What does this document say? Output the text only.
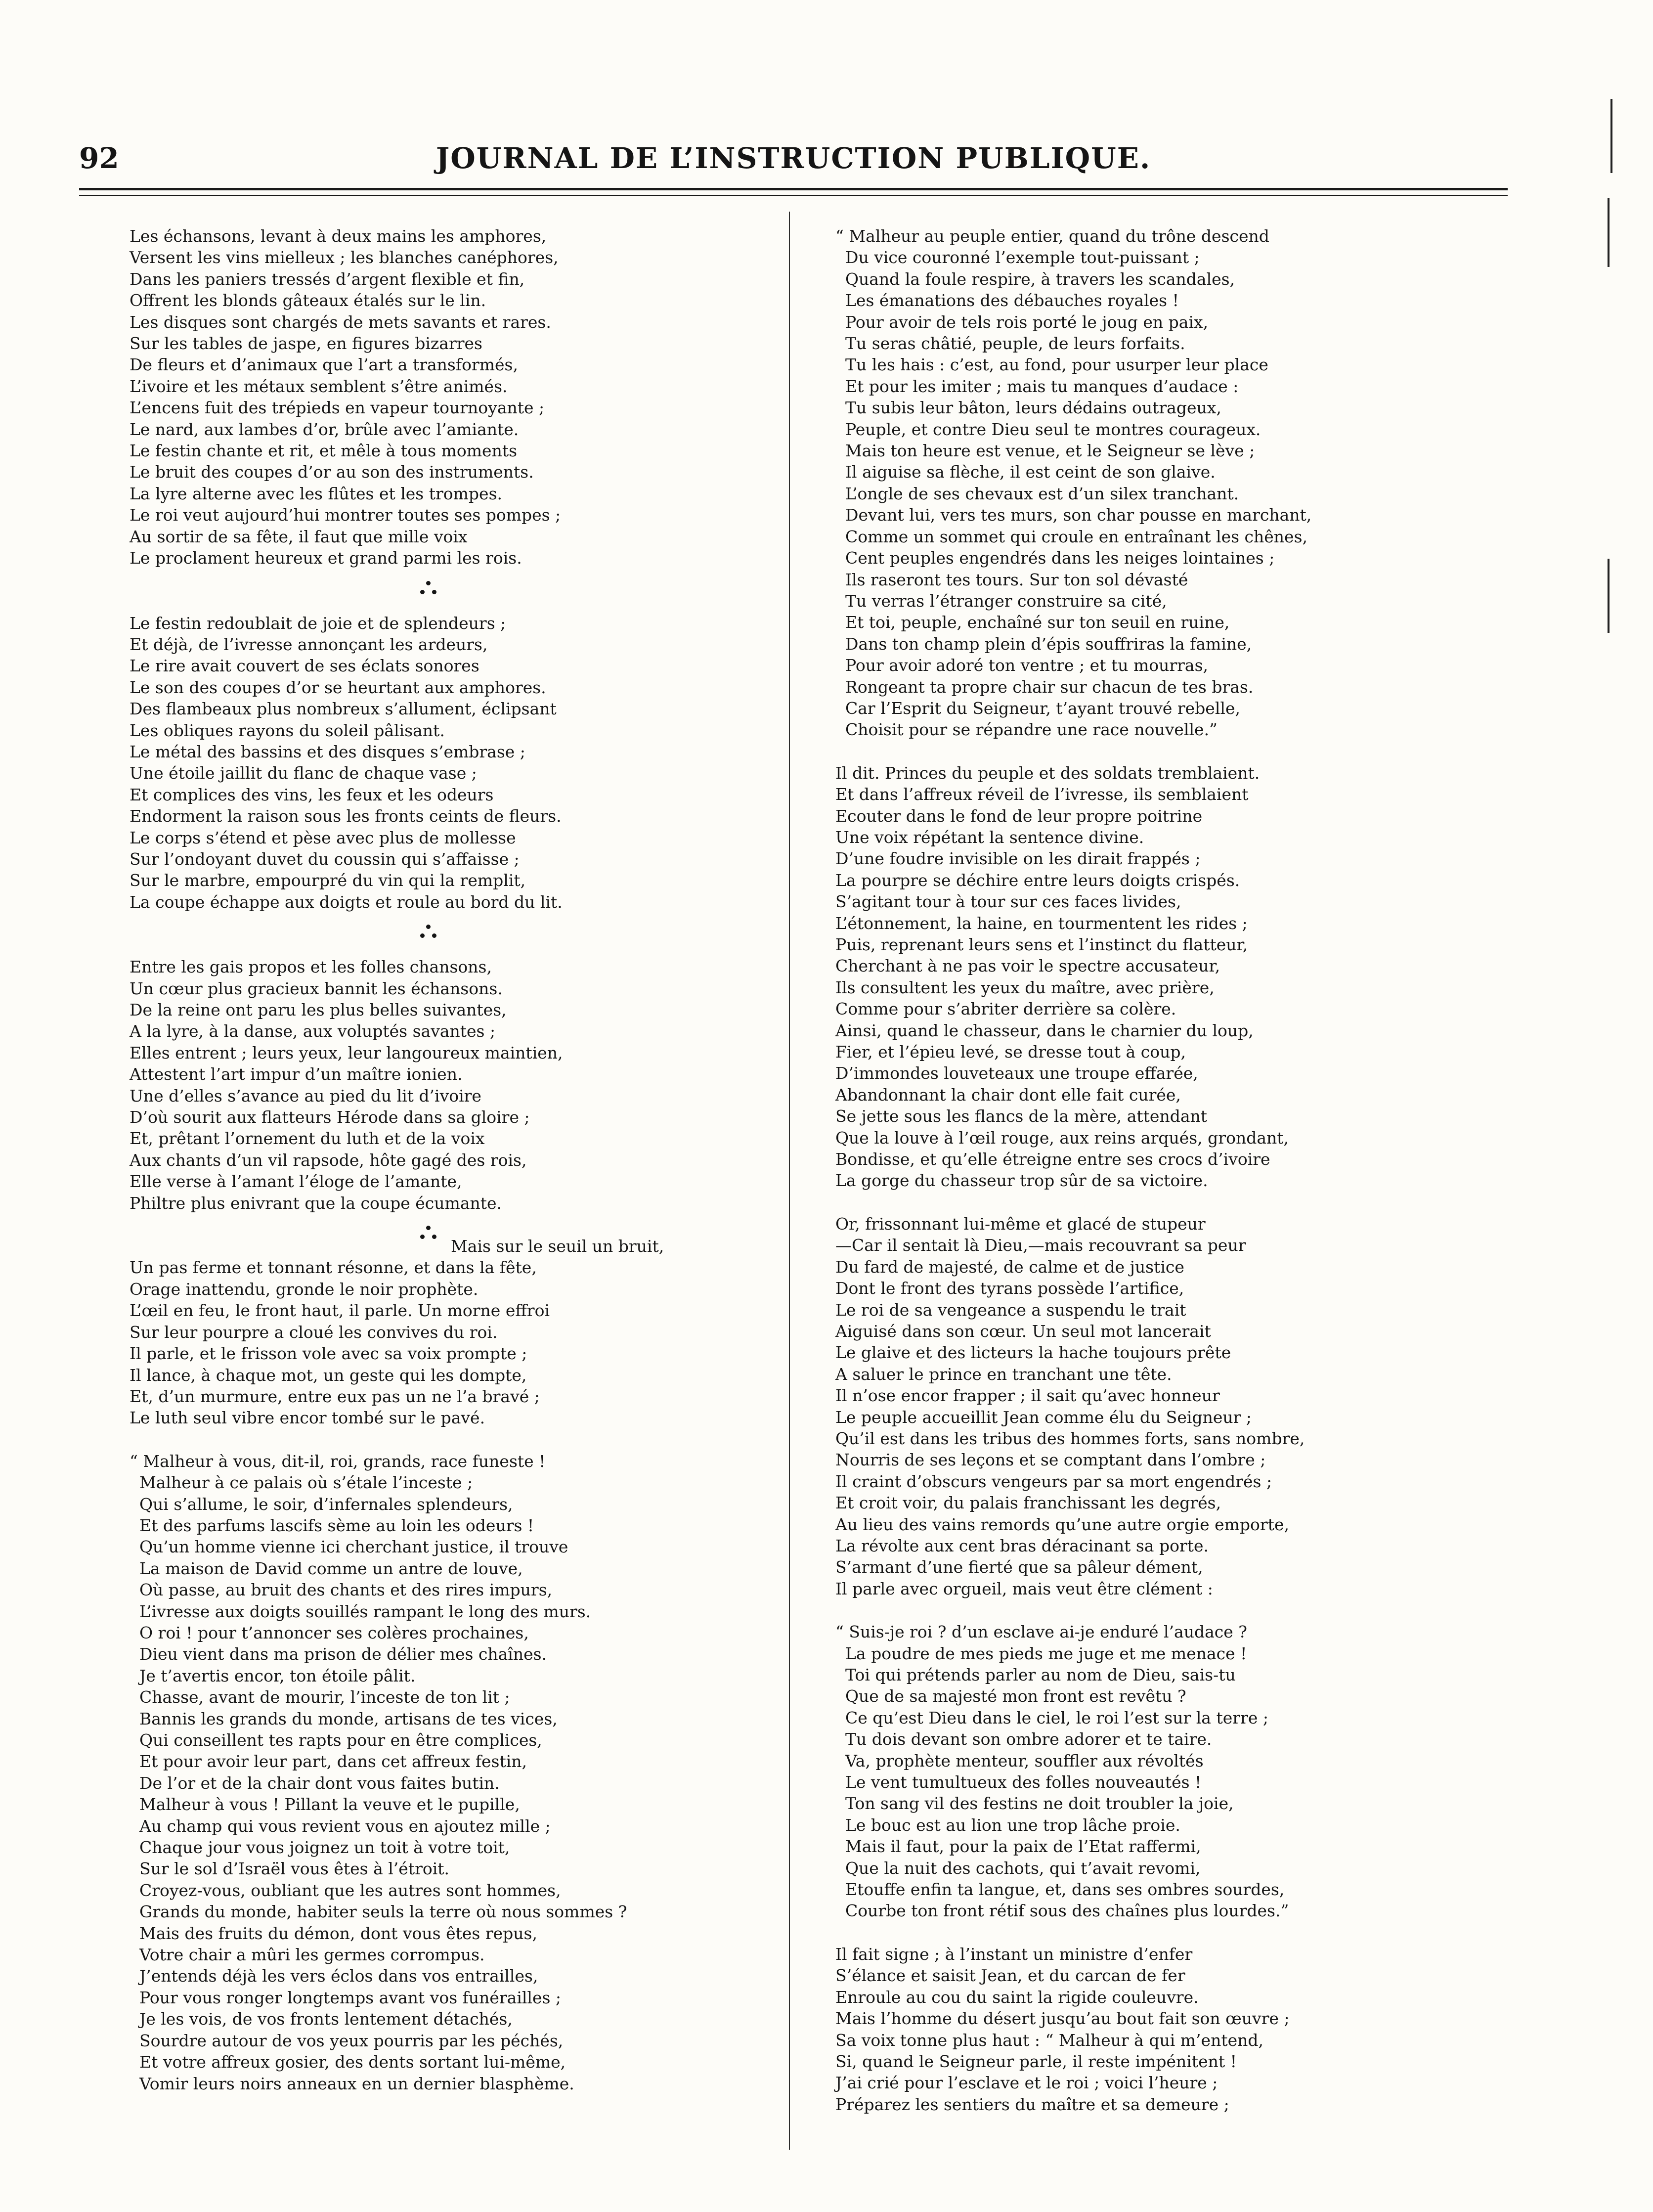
92	JOURNAL DE L’INSTRUCTION PUBLIQUE.
Les échansons, levant à deux mains les amphores,
Versent les vins mielleux ; les blanches canéphores,
Dans les paniers tressés d’argent flexible et fin,
Offrent les blonds gâteaux étalés sur le lin.
Les disques sont chargés de mets savants et rares.
Sur les tables de jaspe, en figures bizarres
De fleurs et d’animaux que l’art a transformés,
L’ivoire et les métaux semblent s’être animés.
L’encens fuit des trépieds en vapeur tournoyante ;
Le nard, aux lambes d’or, brûle avec l’amiante.
Le festin chante et rit, et mêle à tous moments
Le bruit des coupes d’or au son des instruments.
La lyre alterne avec les flûtes et les trompes.
Le roi veut aujourd’hui montrer toutes ses pompes ;
Au sortir de sa fête, il faut que mille voix
Le proclament heureux et grand parmi les rois.
Le festin redoublait de joie et de splendeurs ;
Et déjà, de l’ivresse annonçant les ardeurs,
Le rire avait couvert de ses éclats sonores
Le son des coupes d’or se heurtant aux amphores.
Des flambeaux plus nombreux s’allument, éclipsant
Les obliques rayons du soleil pâlisant.
Le métal des bassins et des disques s’embrase ;
Une étoile jaillit du flanc de chaque vase ;
Et complices des vins, les feux et les odeurs
Endorment la raison sous les fronts ceints de fleurs.
Le corps s’étend et pèse avec plus de mollesse
Sur l’ondoyant duvet du coussin qui s’affaisse ;
Sur le marbre, empourpré du vin qui la remplit,
La coupe échappe aux doigts et roule au bord du lit.
Entre les gais propos et les folles chansons,
Un cœur plus gracieux bannit les échansons.
De la reine ont paru les plus belles suivantes,
A la lyre, à la danse, aux voluptés savantes ;
Elles entrent ; leurs yeux, leur langoureux maintien,
Attestent l’art impur d’un maître ionien.
Une d’elles s’avance au pied du lit d’ivoire
D’où sourit aux flatteurs Hérode dans sa gloire ;
Et, prêtant l’ornement du luth et de la voix
Aux chants d’un vil rapsode, hôte gagé des rois,
Elle verse à l’amant l’éloge de l’amante,
Philtre plus enivrant que la coupe écumante.
Mais sur le seuil un bruit,
Un pas ferme et tonnant résonne, et dans la fête,
Orage inattendu, gronde le noir prophète.
L’œil en feu, le front haut, il parle. Un morne effroi
Sur leur pourpre a cloué les convives du roi.
Il parle, et le frisson vole avec sa voix prompte ;
Il lance, à chaque mot, un geste qui les dompte,
Et, d’un murmure, entre eux pas un ne l’a bravé ;
Le luth seul vibre encor tombé sur le pavé.
“ Malheur à vous, dit-il, roi, grands, race funeste !
Malheur à ce palais où s’étale l’inceste ;
Qui s’allume, le soir, d’infernales splendeurs,
Et des parfums lascifs sème au loin les odeurs !
Qu’un homme vienne ici cherchant justice, il trouve
La maison de David comme un antre de louve,
Où passe, au bruit des chants et des rires impurs,
L’ivresse aux doigts souillés rampant le long des murs.
O roi ! pour t’annoncer ses colères prochaines,
Dieu vient dans ma prison de délier mes chaînes.
Je t’avertis encor, ton étoile pâlit.
Chasse, avant de mourir, l’inceste de ton lit ;
Bannis les grands du monde, artisans de tes vices,
Qui conseillent tes rapts pour en être complices,
Et pour avoir leur part, dans cet affreux festin,
De l’or et de la chair dont vous faites butin.
Malheur à vous ! Pillant la veuve et le pupille,
Au champ qui vous revient vous en ajoutez mille ;
Chaque jour vous joignez un toit à votre toit,
Sur le sol d’Israël vous êtes à l’étroit.
Croyez-vous, oubliant que les autres sont hommes,
Grands du monde, habiter seuls la terre où nous sommes ?
Mais des fruits du démon, dont vous êtes repus,
Votre chair a mûri les germes corrompus.
J’entends déjà les vers éclos dans vos entrailles,
Pour vous ronger longtemps avant vos funérailles ;
Je les vois, de vos fronts lentement détachés,
Sourdre autour de vos yeux pourris par les péchés,
Et votre affreux gosier, des dents sortant lui-même,
Vomir leurs noirs anneaux en un dernier blasphème.
“ Malheur au peuple entier, quand du trône descend
Du vice couronné l’exemple tout-puissant ;
Quand la foule respire, à travers les scandales,
Les émanations des débauches royales !
Pour avoir de tels rois porté le joug en paix,
Tu seras châtié, peuple, de leurs forfaits.
Tu les hais : c’est, au fond, pour usurper leur place
Et pour les imiter ; mais tu manques d’audace :
Tu subis leur bâton, leurs dédains outrageux,
Peuple, et contre Dieu seul te montres courageux.
Mais ton heure est venue, et le Seigneur se lève ;
Il aiguise sa flèche, il est ceint de son glaive.
L’ongle de ses chevaux est d’un silex tranchant.
Devant lui, vers tes murs, son char pousse en marchant,
Comme un sommet qui croule en entraînant les chênes,
Cent peuples engendrés dans les neiges lointaines ;
Ils raseront tes tours. Sur ton sol dévasté
Tu verras l’étranger construire sa cité,
Et toi, peuple, enchaîné sur ton seuil en ruine,
Dans ton champ plein d’épis souffriras la famine,
Pour avoir adoré ton ventre ; et tu mourras,
Rongeant ta propre chair sur chacun de tes bras.
Car l’Esprit du Seigneur, t’ayant trouvé rebelle,
Choisit pour se répandre une race nouvelle.”
Il dit. Princes du peuple et des soldats tremblaient.
Et dans l’affreux réveil de l’ivresse, ils semblaient
Ecouter dans le fond de leur propre poitrine
Une voix répétant la sentence divine.
D’une foudre invisible on les dirait frappés ;
La pourpre se déchire entre leurs doigts crispés.
S’agitant tour à tour sur ces faces livides,
L’étonnement, la haine, en tourmentent les rides ;
Puis, reprenant leurs sens et l’instinct du flatteur,
Cherchant à ne pas voir le spectre accusateur,
Ils consultent les yeux du maître, avec prière,
Comme pour s’abriter derrière sa colère.
Ainsi, quand le chasseur, dans le charnier du loup,
Fier, et l’épieu levé, se dresse tout à coup,
D’immondes louveteaux une troupe effarée,
Abandonnant la chair dont elle fait curée,
Se jette sous les flancs de la mère, attendant
Que la louve à l’œil rouge, aux reins arqués, grondant,
Bondisse, et qu’elle étreigne entre ses crocs d’ivoire
La gorge du chasseur trop sûr de sa victoire.
Or, frissonnant lui-même et glacé de stupeur
—Car il sentait là Dieu,—mais recouvrant sa peur
Du fard de majesté, de calme et de justice
Dont le front des tyrans possède l’artifice,
Le roi de sa vengeance a suspendu le trait
Aiguisé dans son cœur. Un seul mot lancerait
Le glaive et des licteurs la hache toujours prête
A saluer le prince en tranchant une tête.
Il n’ose encor frapper ; il sait qu’avec honneur
Le peuple accueillit Jean comme élu du Seigneur ;
Qu’il est dans les tribus des hommes forts, sans nombre,
Nourris de ses leçons et se comptant dans l’ombre ;
Il craint d’obscurs vengeurs par sa mort engendrés ;
Et croit voir, du palais franchissant les degrés,
Au lieu des vains remords qu’une autre orgie emporte,
La révolte aux cent bras déracinant sa porte.
S’armant d’une fierté que sa pâleur dément,
Il parle avec orgueil, mais veut être clément :
“ Suis-je roi ? d’un esclave ai-je enduré l’audace ?
La poudre de mes pieds me juge et me menace !
Toi qui prétends parler au nom de Dieu, sais-tu
Que de sa majesté mon front est revêtu ?
Ce qu’est Dieu dans le ciel, le roi l’est sur la terre ;
Tu dois devant son ombre adorer et te taire.
Va, prophète menteur, souffler aux révoltés
Le vent tumultueux des folles nouveautés !
Ton sang vil des festins ne doit troubler la joie,
Le bouc est au lion une trop lâche proie.
Mais il faut, pour la paix de l’Etat raffermi,
Que la nuit des cachots, qui t’avait revomi,
Etouffe enfin ta langue, et, dans ses ombres sourdes,
Courbe ton front rétif sous des chaînes plus lourdes.”
Il fait signe ; à l’instant un ministre d’enfer
S’élance et saisit Jean, et du carcan de fer
Enroule au cou du saint la rigide couleuvre.
Mais l’homme du désert jusqu’au bout fait son œuvre ;
Sa voix tonne plus haut : “ Malheur à qui m’entend,
Si, quand le Seigneur parle, il reste impénitent !
J’ai crié pour l’esclave et le roi ; voici l’heure ;
Préparez les sentiers du maître et sa demeure ;
